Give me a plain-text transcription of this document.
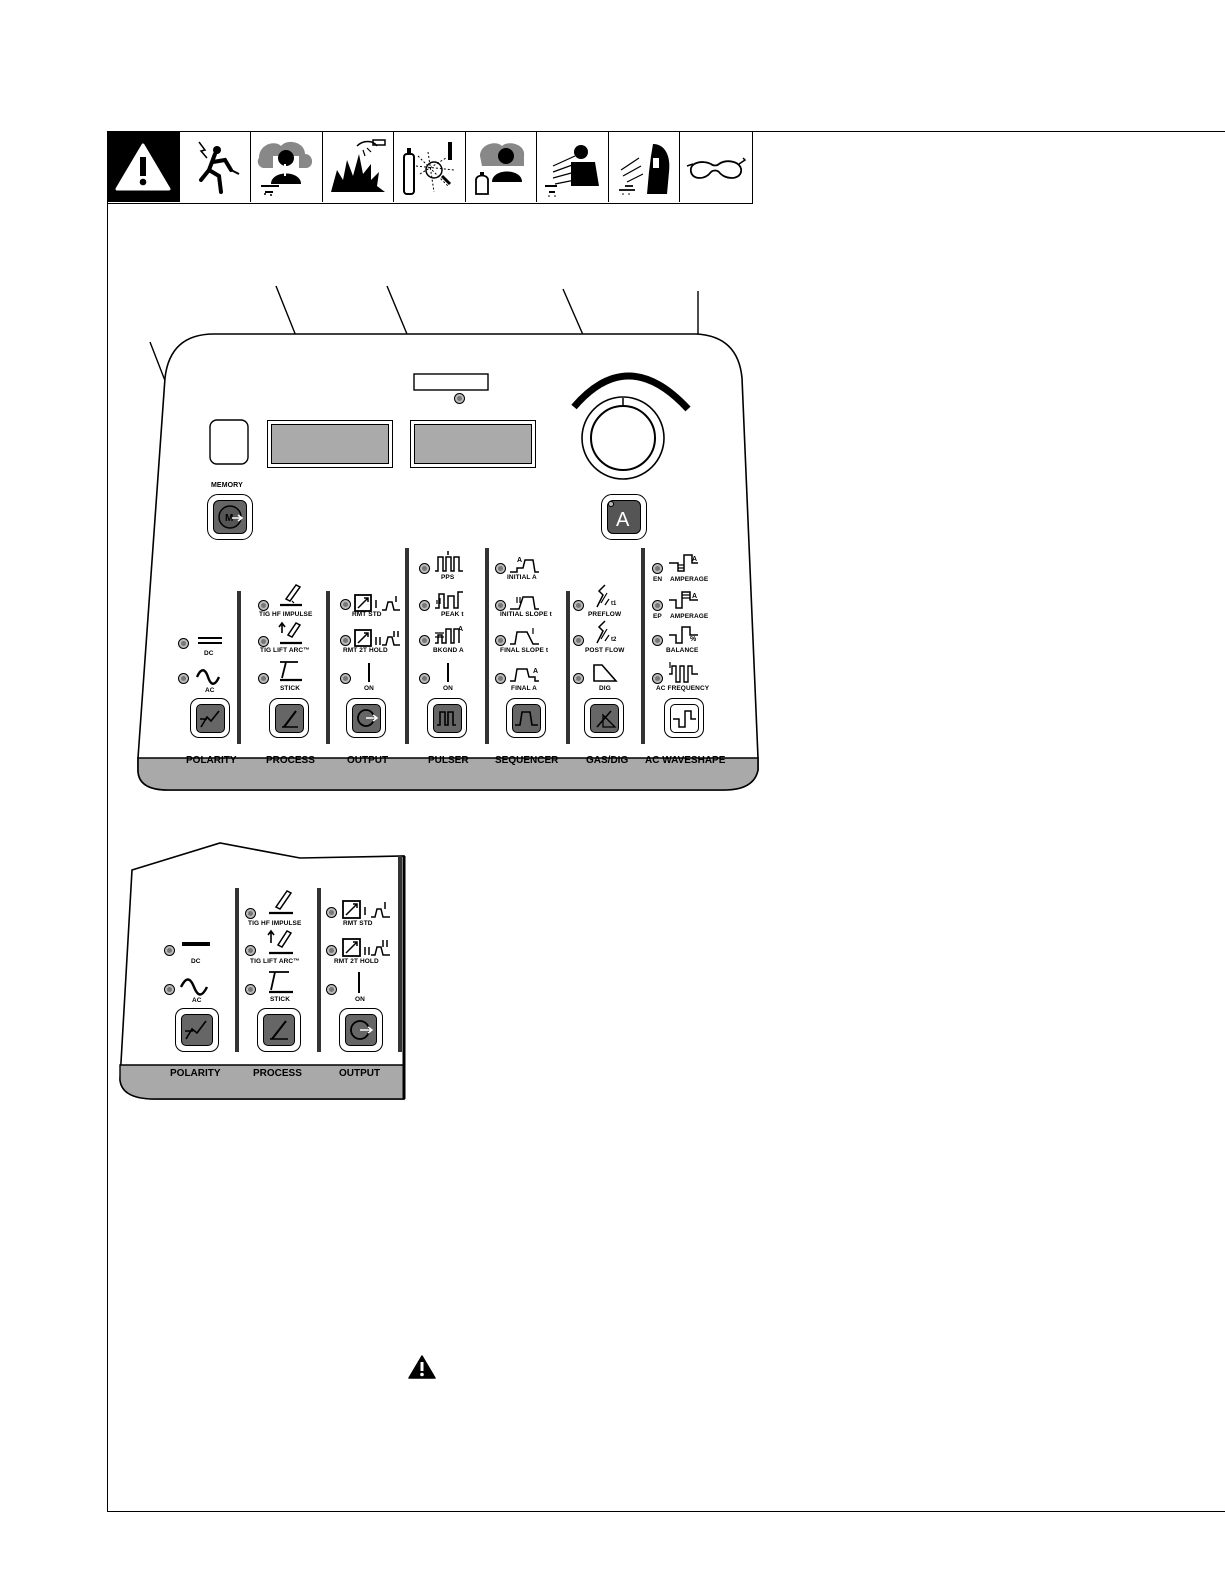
MEMORY
M	A
DC
AC
POLARITY
TIG HF IMPULSE
TIG LIFT ARC™
STICK
PROCESS
RMT STD
RMT 2T HOLD
ON
OUTPUT
PPS
PEAK t
A
BKGND A
ON
PULSER
A
INITIAL A
INITIAL SLOPE t
FINAL SLOPE t
A
FINAL A
SEQUENCER
t1
PREFLOW
t2
POST FLOW
DIG
GAS/DIG
EN
A
AMPERAGE
EP
A
AMPERAGE
%
BALANCE
AC FREQUENCY
AC WAVESHAPE
DC
AC
POLARITY
TIG HF IMPULSE
TIG LIFT ARC™
STICK
PROCESS
RMT STD
RMT 2T HOLD
ON
OUTPUT
